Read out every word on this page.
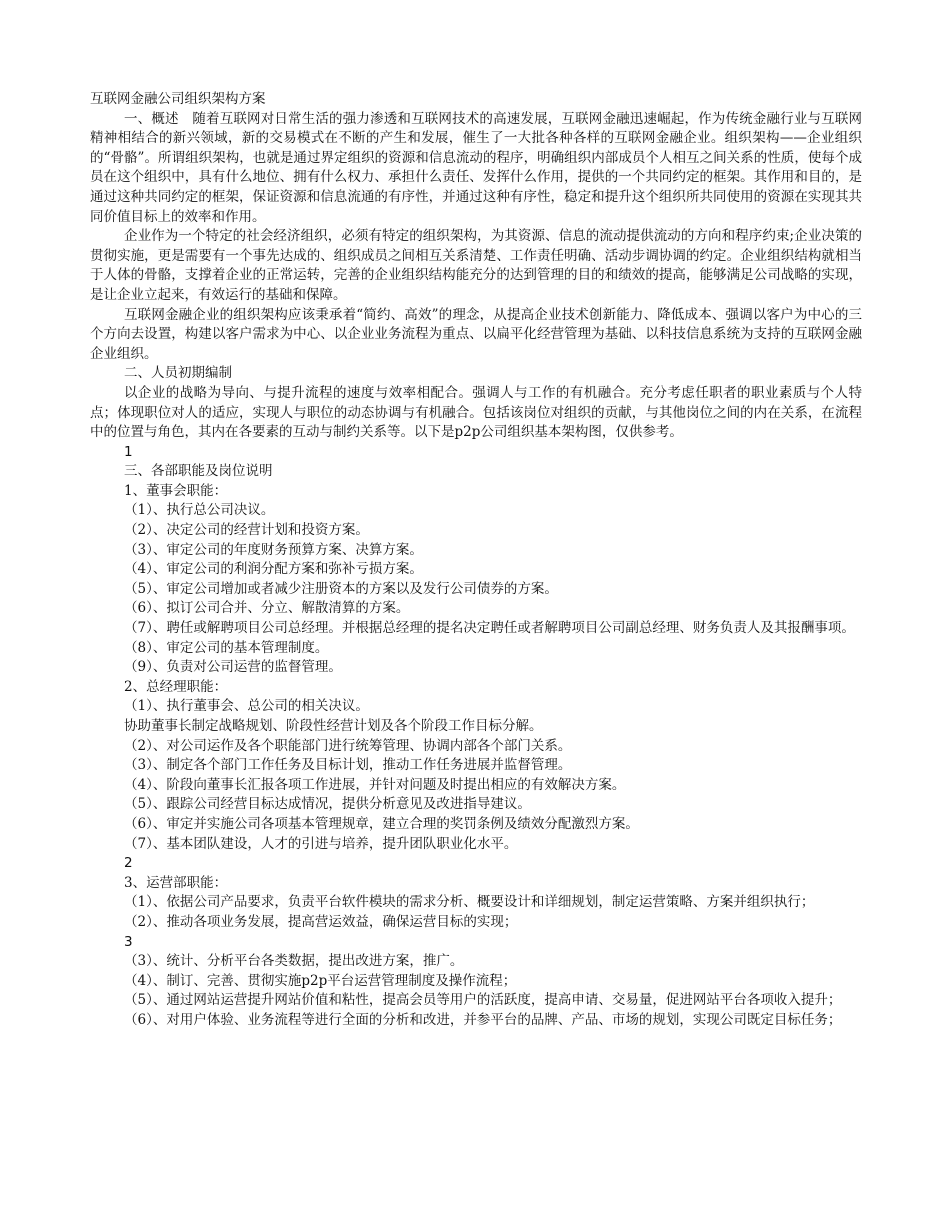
互联网金融公司组织架构方案

一、概述　随着互联网对日常生活的强力渗透和互联网技术的高速发展，互联网金融迅速崛起，作为传统金融行业与互联网精神相结合的新兴领域，新的交易模式在不断的产生和发展，催生了一大批各种各样的互联网金融企业。组织架构——企业组织的“骨骼”。所谓组织架构，也就是通过界定组织的资源和信息流动的程序，明确组织内部成员个人相互之间关系的性质，使每个成员在这个组织中，具有什么地位、拥有什么权力、承担什么责任、发挥什么作用，提供的一个共同约定的框架。其作用和目的，是通过这种共同约定的框架，保证资源和信息流通的有序性，并通过这种有序性，稳定和提升这个组织所共同使用的资源在实现其共同价值目标上的效率和作用。

企业作为一个特定的社会经济组织，必须有特定的组织架构，为其资源、信息的流动提供流动的方向和程序约束;企业决策的贯彻实施，更是需要有一个事先达成的、组织成员之间相互关系清楚、工作责任明确、活动步调协调的约定。企业组织结构就相当于人体的骨骼，支撑着企业的正常运转，完善的企业组织结构能充分的达到管理的目的和绩效的提高，能够满足公司战略的实现，是让企业立起来，有效运行的基础和保障。

互联网金融企业的组织架构应该秉承着“简约、高效”的理念，从提高企业技术创新能力、降低成本、强调以客户为中心的三个方向去设置，构建以客户需求为中心、以企业业务流程为重点、以扁平化经营管理为基础、以科技信息系统为支持的互联网金融企业组织。

二、人员初期编制

以企业的战略为导向、与提升流程的速度与效率相配合。强调人与工作的有机融合。充分考虑任职者的职业素质与个人特点；体现职位对人的适应，实现人与职位的动态协调与有机融合。包括该岗位对组织的贡献，与其他岗位之间的内在关系，在流程中的位置与角色，其内在各要素的互动与制约关系等。以下是p2p公司组织基本架构图，仅供参考。

1

三、各部职能及岗位说明

1、董事会职能：

（1）、执行总公司决议。

（2）、决定公司的经营计划和投资方案。

（3）、审定公司的年度财务预算方案、决算方案。

（4）、审定公司的利润分配方案和弥补亏损方案。

（5）、审定公司增加或者减少注册资本的方案以及发行公司债券的方案。

（6）、拟订公司合并、分立、解散清算的方案。

（7）、聘任或解聘项目公司总经理。并根据总经理的提名决定聘任或者解聘项目公司副总经理、财务负责人及其报酬事项。

（8）、审定公司的基本管理制度。

（9）、负责对公司运营的监督管理。

2、总经理职能：

（1）、执行董事会、总公司的相关决议。

协助董事长制定战略规划、阶段性经营计划及各个阶段工作目标分解。

（2）、对公司运作及各个职能部门进行统筹管理、协调内部各个部门关系。

（3）、制定各个部门工作任务及目标计划，推动工作任务进展并监督管理。

（4）、阶段向董事长汇报各项工作进展，并针对问题及时提出相应的有效解决方案。

（5）、跟踪公司经营目标达成情况，提供分析意见及改进指导建议。

（6）、审定并实施公司各项基本管理规章，建立合理的奖罚条例及绩效分配激烈方案。

（7）、基本团队建设，人才的引进与培养，提升团队职业化水平。

2

3、运营部职能：

（1）、依据公司产品要求，负责平台软件模块的需求分析、概要设计和详细规划，制定运营策略、方案并组织执行；

（2）、推动各项业务发展，提高营运效益，确保运营目标的实现；

3

（3）、统计、分析平台各类数据，提出改进方案，推广。

（4）、制订、完善、贯彻实施p2p平台运营管理制度及操作流程；

（5）、通过网站运营提升网站价值和粘性，提高会员等用户的活跃度，提高申请、交易量，促进网站平台各项收入提升；

（6）、对用户体验、业务流程等进行全面的分析和改进，并参平台的品牌、产品、市场的规划，实现公司既定目标任务；
